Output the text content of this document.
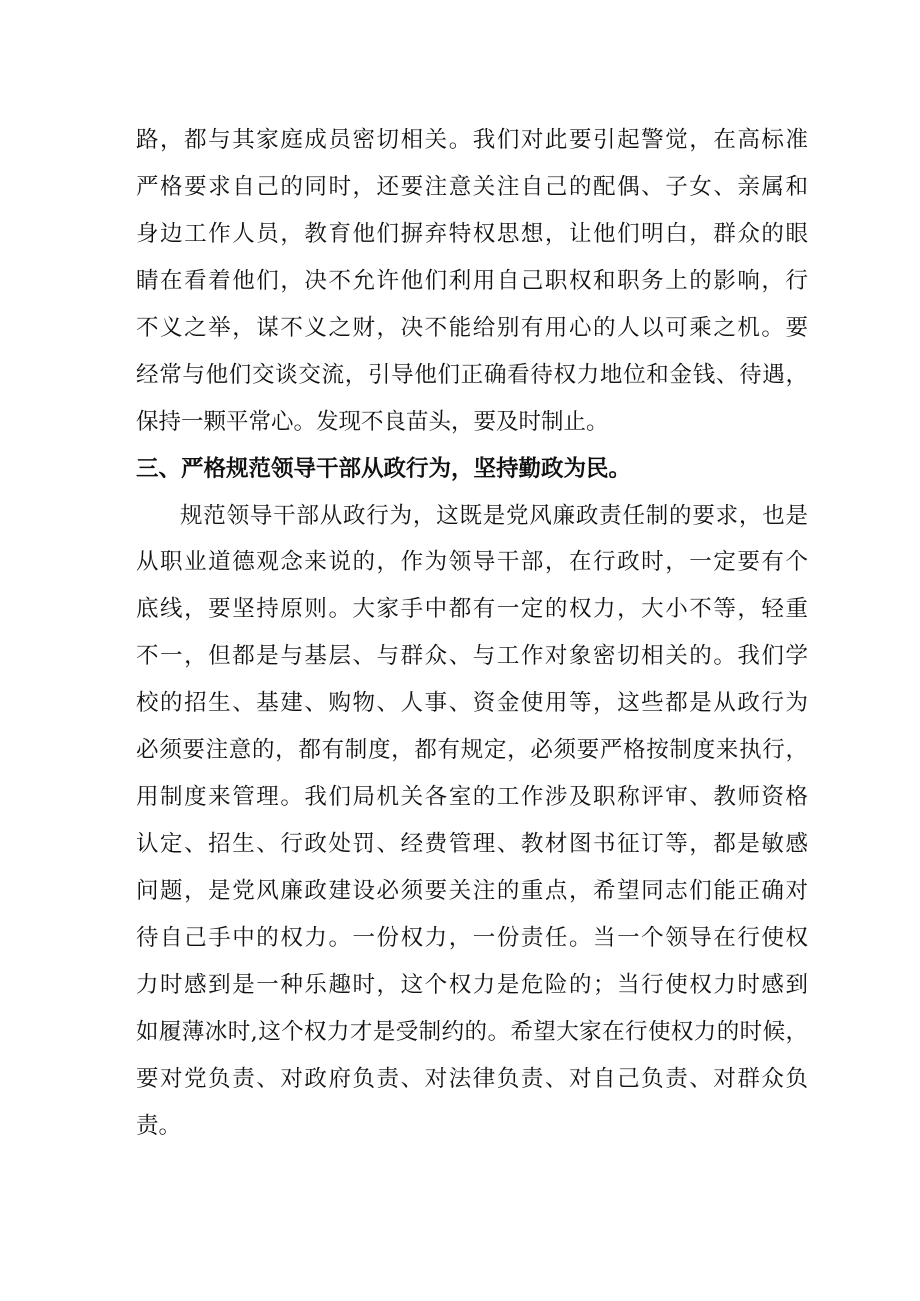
路，都与其家庭成员密切相关。我们对此要引起警觉，在高标准
严格要求自己的同时，还要注意关注自己的配偶、子女、亲属和
身边工作人员，教育他们摒弃特权思想，让他们明白，群众的眼
睛在看着他们，决不允许他们利用自己职权和职务上的影响，行
不义之举，谋不义之财，决不能给别有用心的人以可乘之机。要
经常与他们交谈交流，引导他们正确看待权力地位和金钱、待遇，
保持一颗平常心。发现不良苗头，要及时制止。
三、严格规范领导干部从政行为，坚持勤政为民。
规范领导干部从政行为，这既是党风廉政责任制的要求，也是
从职业道德观念来说的，作为领导干部，在行政时，一定要有个
底线，要坚持原则。大家手中都有一定的权力，大小不等，轻重
不一，但都是与基层、与群众、与工作对象密切相关的。我们学
校的招生、基建、购物、人事、资金使用等，这些都是从政行为
必须要注意的，都有制度，都有规定，必须要严格按制度来执行，
用制度来管理。我们局机关各室的工作涉及职称评审、教师资格
认定、招生、行政处罚、经费管理、教材图书征订等，都是敏感
问题，是党风廉政建设必须要关注的重点，希望同志们能正确对
待自己手中的权力。一份权力，一份责任。当一个领导在行使权
力时感到是一种乐趣时，这个权力是危险的；当行使权力时感到
如履薄冰时,这个权力才是受制约的。希望大家在行使权力的时候，
要对党负责、对政府负责、对法律负责、对自己负责、对群众负
责。
